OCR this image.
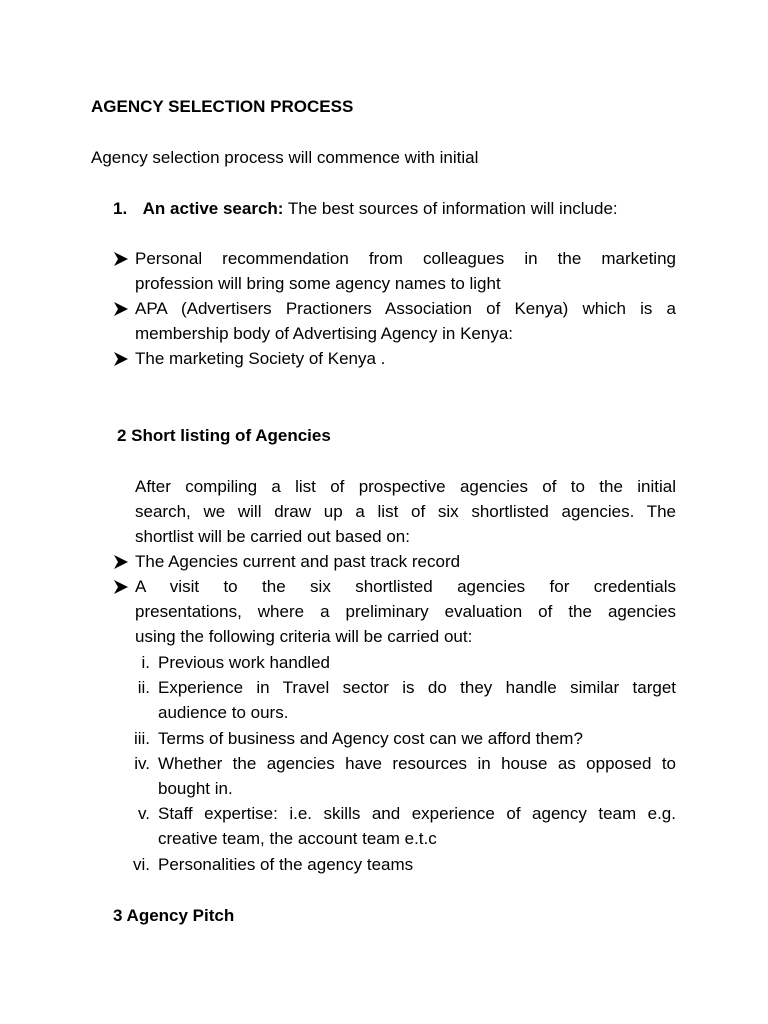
AGENCY SELECTION PROCESS
Agency selection process will commence with initial
1. An active search: The best sources of information will include:
Personal recommendation from colleagues in the marketing
profession will bring some agency names to light
APA (Advertisers Practioners Association of Kenya) which is a
membership body of Advertising Agency in Kenya:
The marketing Society of Kenya .
2 Short listing of Agencies
After compiling a list of prospective agencies of to the initial
search, we will draw up a list of six shortlisted agencies. The
shortlist will be carried out based on:
The Agencies current and past track record
A visit to the six shortlisted agencies for credentials
presentations, where a preliminary evaluation of the agencies
using the following criteria will be carried out:
i. Previous work handled
ii. Experience in Travel sector is do they handle similar target
audience to ours.
iii. Terms of business and Agency cost can we afford them?
iv. Whether the agencies have resources in house as opposed to
bought in.
v. Staff expertise: i.e. skills and experience of agency team e.g.
creative team, the account team e.t.c
vi. Personalities of the agency teams
3 Agency Pitch
